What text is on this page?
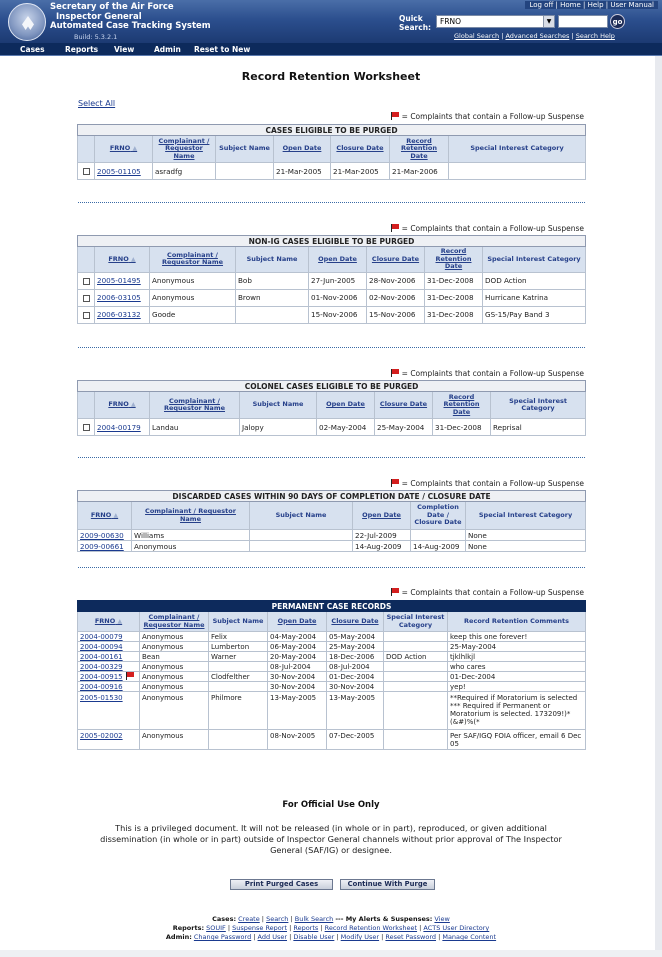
Secretary of the Air Force
Inspector General
Automated Case Tracking System
Build: 5.3.2.1
Log off | Home | Help | User Manual
Quick
Search:
FRNO	▼	go
Global Search | Advanced Searches | Search Help
Cases	Reports View	Admin Reset to New
Record Retention Worksheet
Select All
= Complaints that contain a Follow-up Suspense
CASES ELIGIBLE TO BE PURGED							
	FRNO ▲	Complainant / Requestor Name	Subject Name	Open Date	Closure Date	Record Retention Date	Special Interest Category
	2005-01105	asradfg		21-Mar-2005	21-Mar-2005	21-Mar-2006	
= Complaints that contain a Follow-up Suspense
NON-IG CASES ELIGIBLE TO BE PURGED							
	FRNO ▲	Complainant / Requestor Name	Subject Name	Open Date	Closure Date	Record Retention Date	Special Interest Category
	2005-01495	Anonymous	Bob	27-Jun-2005	28-Nov-2006	31-Dec-2008	DOD Action
	2006-03105	Anonymous	Brown	01-Nov-2006	02-Nov-2006	31-Dec-2008	Hurricane Katrina
	2006-03132	Goode		15-Nov-2006	15-Nov-2006	31-Dec-2008	GS-15/Pay Band 3
= Complaints that contain a Follow-up Suspense
COLONEL CASES ELIGIBLE TO BE PURGED							
	FRNO ▲	Complainant / Requestor Name	Subject Name	Open Date	Closure Date	Record Retention Date	Special Interest Category
	2004-00179	Landau	Jalopy	02-May-2004	25-May-2004	31-Dec-2008	Reprisal
= Complaints that contain a Follow-up Suspense
DISCARDED CASES WITHIN 90 DAYS OF COMPLETION DATE / CLOSURE DATE					
FRNO ▲	Complainant / Requestor Name	Subject Name	Open Date	Completion Date / Closure Date	Special Interest Category
2009-00630	Williams		22-Jul-2009		None
2009-00661	Anonymous		14-Aug-2009	14-Aug-2009	None
= Complaints that contain a Follow-up Suspense
PERMANENT CASE RECORDS						
FRNO ▲	Complainant / Requestor Name	Subject Name	Open Date	Closure Date	Special Interest Category	Record Retention Comments
2004-00079	Anonymous	Felix	04-May-2004	05-May-2004		keep this one forever!
2004-00094	Anonymous	Lumberton	06-May-2004	25-May-2004		25-May-2004
2004-00161	Bean	Warner	20-May-2004	18-Dec-2006	DOD Action	tjklhlkjl
2004-00329	Anonymous		08-Jul-2004	08-Jul-2004		who cares
2004-00915	Anonymous	Clodfelther	30-Nov-2004	01-Dec-2004		01-Dec-2004
2004-00916	Anonymous		30-Nov-2004	30-Nov-2004		yep!
2005-01530	Anonymous	Philmore	13-May-2005	13-May-2005		**Required if Moratorium is selected *** Required if Permanent or Moratorium is selected. 173209!)*(&#)%(*
2005-02002	Anonymous		08-Nov-2005	07-Dec-2005		Per SAF/IGQ FOIA officer, email 6 Dec 05
For Official Use Only
This is a privileged document. It will not be released (in whole or in part), reproduced, or given additional dissemination (in whole or in part) outside of Inspector General channels without prior approval of The Inspector General (SAF/IG) or designee.
Print Purged Cases	Continue With Purge
Cases: Create | Search | Bulk Search --- My Alerts & Suspenses: View
Reports: SOUIF | Suspense Report | Reports | Record Retention Worksheet | ACTS User Directory
Admin: Change Password | Add User | Disable User | Modify User | Reset Password | Manage Content
